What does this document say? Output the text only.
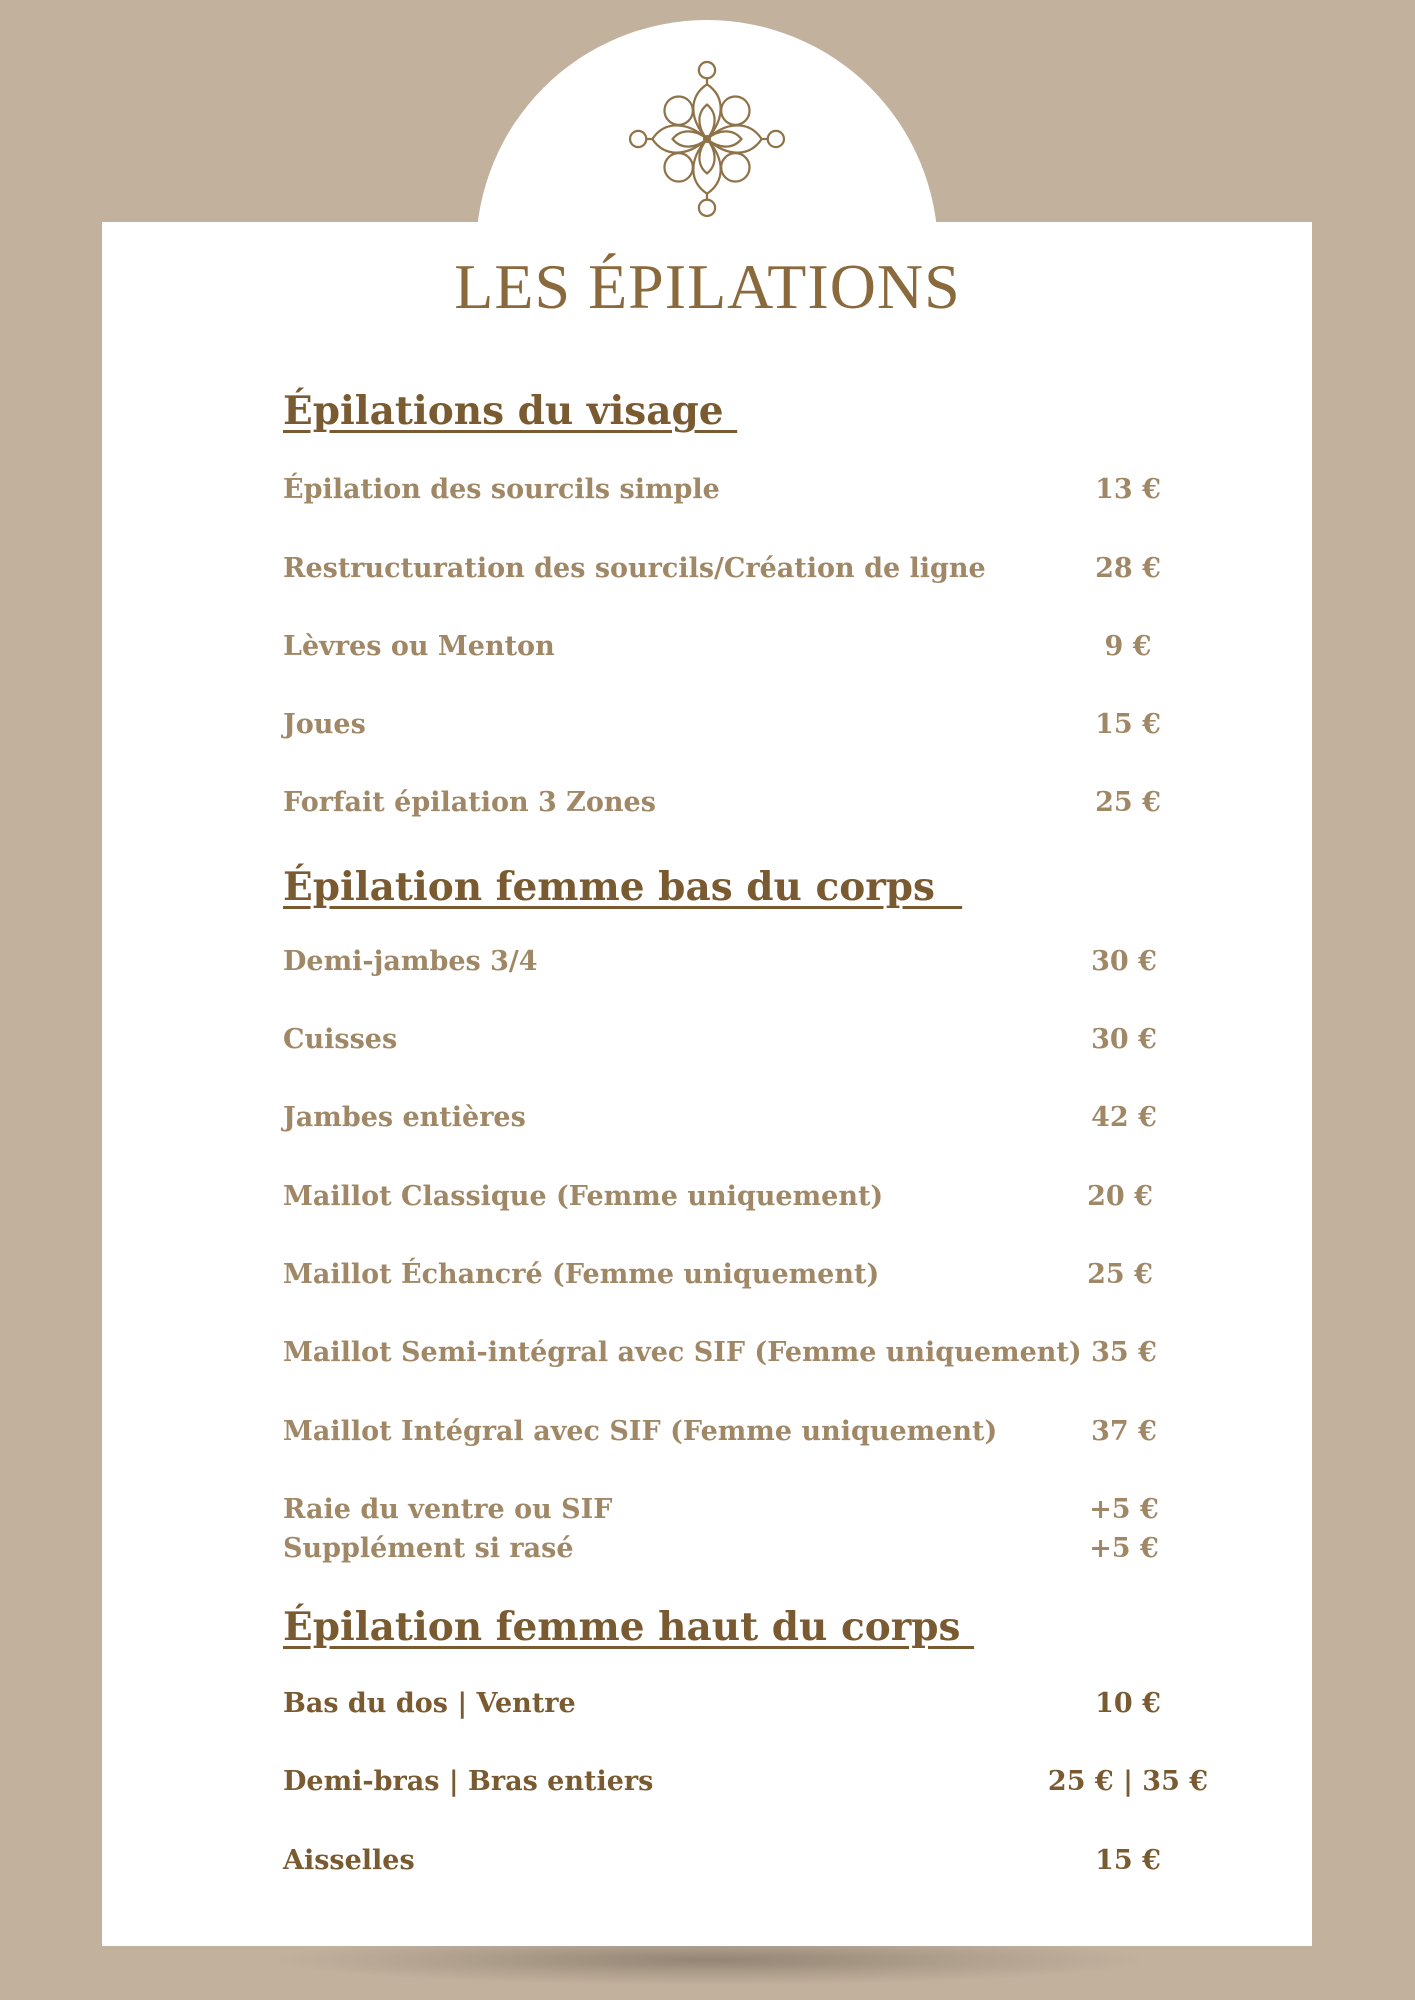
LES ÉPILATIONS
Épilations du visage
Épilation des sourcils simple	13 €
Restructuration des sourcils/Création de ligne	28 €
Lèvres ou Menton	9 €
Joues	15 €
Forfait épilation 3 Zones	25 €
Épilation femme bas du corps
Demi-jambes 3/4	30 €
Cuisses	30 €
Jambes entières	42 €
Maillot Classique (Femme uniquement)	20 €
Maillot Échancré (Femme uniquement)	25 €
Maillot Semi-intégral avec SIF (Femme uniquement) 35 €
Maillot Intégral avec SIF (Femme uniquement)	37 €
Raie du ventre ou SIF	+5 €
Supplément si rasé	+5 €
Épilation femme haut du corps
Bas du dos | Ventre	10 €
Demi-bras | Bras entiers	25 € | 35 €
Aisselles	15 €
